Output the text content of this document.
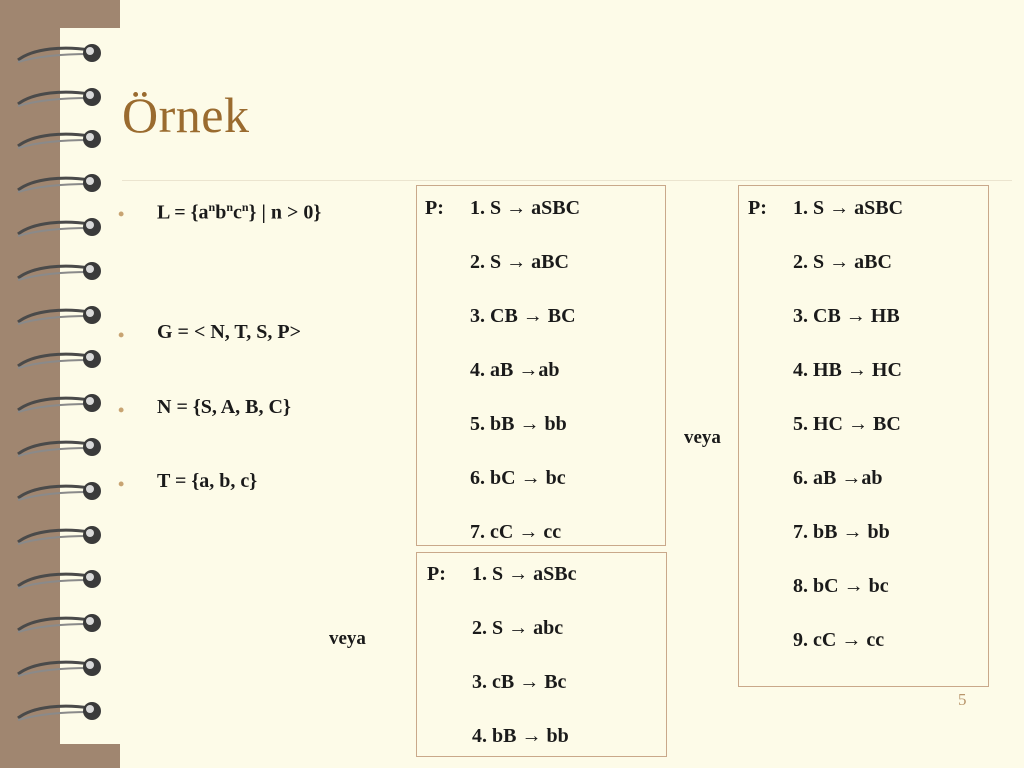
Örnek
• $L = \{a^nb^nc^n\}$ | n > 0}
• G = < N, T, S, P>
• N = {S, A, B, C}
• T = {a, b, c}
veya
veya
P: 1. S → aSBC
2. S → aBC
3. CB → BC
4. aB →ab
5. bB → bb
6. bC → bc
7. cC → cc
P: 1. S → aSBc
2. S → abc
3. cB → Bc
4. bB → bb
P: 1. S → aSBC
2. S → aBC
3. CB → HB
4. HB → HC
5. HC → BC
6. aB →ab
7. bB → bb
8. bC → bc
9. cC → cc
5
